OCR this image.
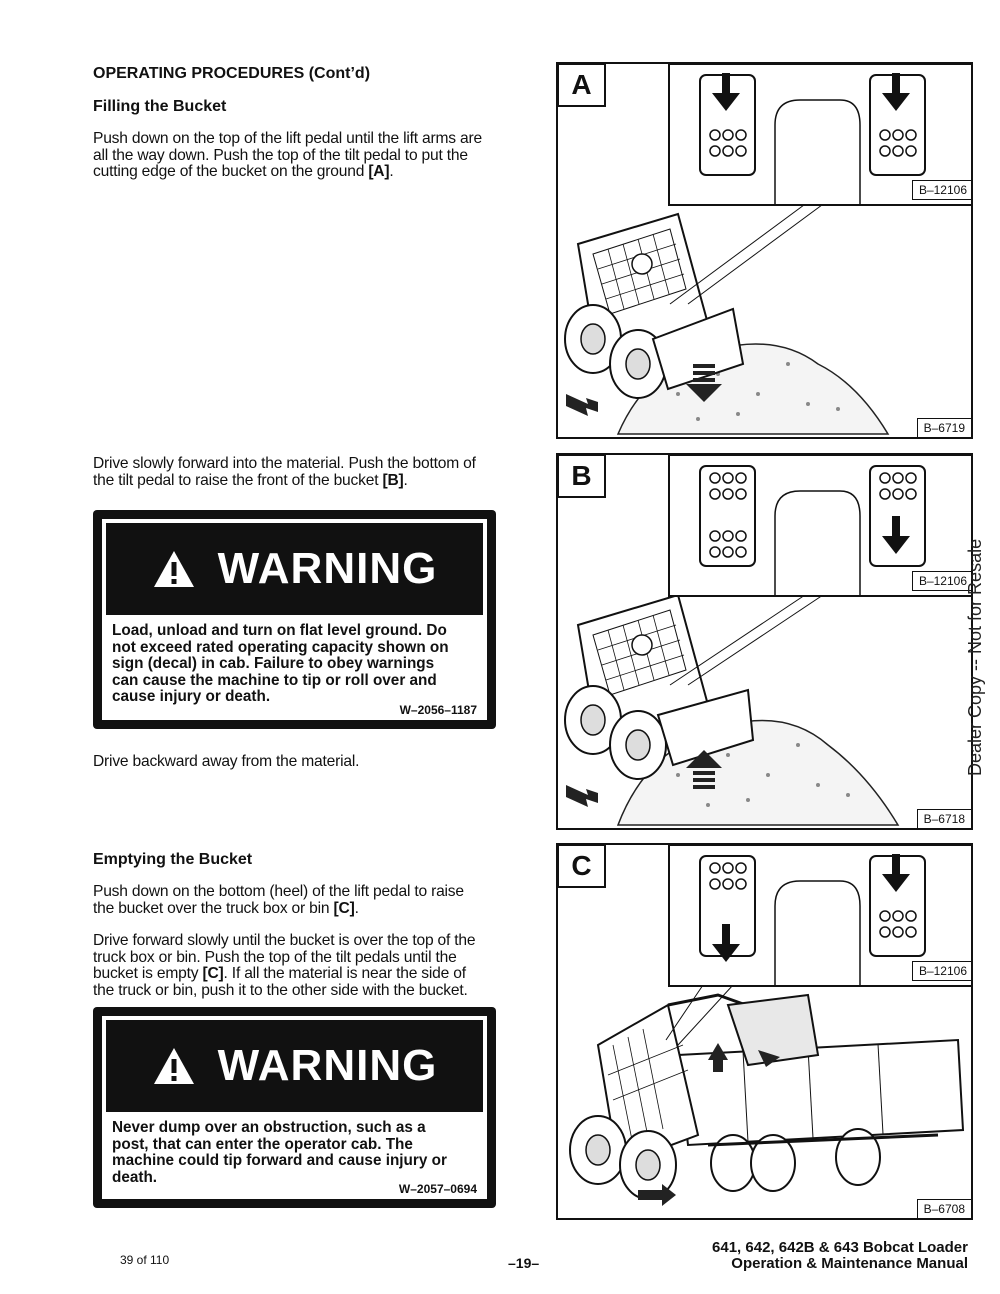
OPERATING PROCEDURES (Cont’d)
Filling the Bucket
Push down on the top of the lift pedal until the lift arms are
all the way down. Push the top of the tilt pedal to put the
cutting edge of the bucket on the ground [A].
Drive slowly forward into the material. Push the bottom of
the tilt pedal to raise the front of the bucket [B].
WARNING
Load, unload and turn on flat level ground. Do
not exceed rated operating capacity shown on
sign (decal) in cab. Failure to obey warnings
can cause the machine to tip or roll over and
cause injury or death.
W–2056–1187
Drive backward away from the material.
Emptying the Bucket
Push down on the bottom (heel) of the lift pedal to raise
the bucket over the truck box or bin [C].
Drive forward slowly until the bucket is over the top of the
truck box or bin. Push the top of the tilt pedals until the
bucket is empty [C]. If all the material is near the side of
the truck or bin, push it to the other side with the bucket.
WARNING
Never dump over an obstruction, such as a
post, that can enter the operator cab. The
machine could tip forward and cause injury or
death.
W–2057–0694
B–12106
A
B–6719
B–12106
B
B–6718
B–12106
C
B–6708
Dealer Copy -- Not for Resale
39 of 110	–19–
641, 642, 642B & 643 Bobcat Loader
Operation & Maintenance Manual
